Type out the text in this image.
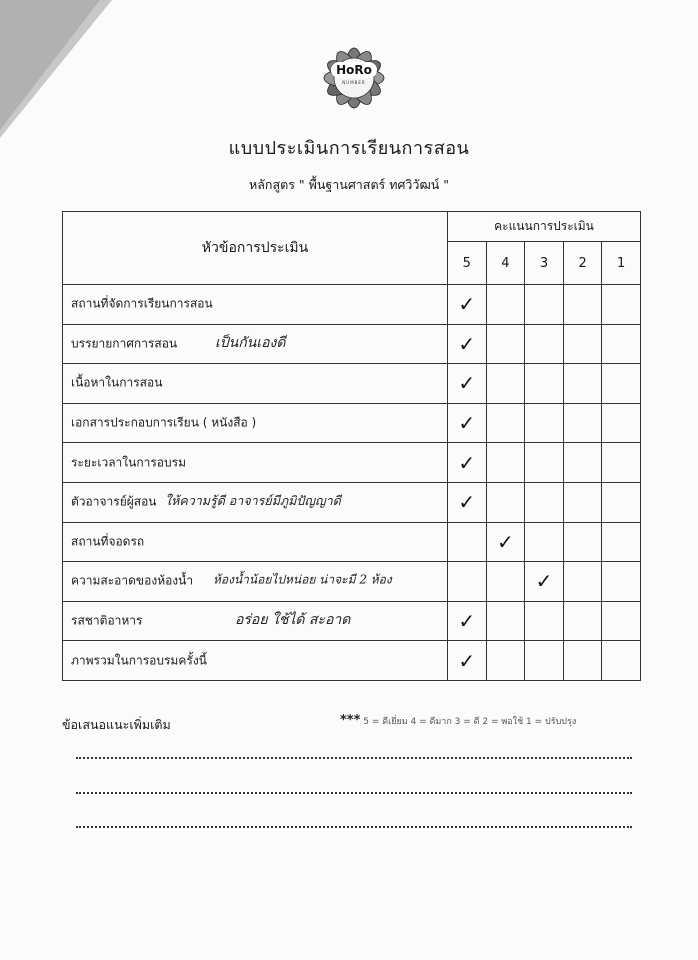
HoRo
NUMBER
แบบประเมินการเรียนการสอน
หลักสูตร " พื้นฐานศาสตร์ ทศวิวัฒน์ "
หัวข้อการประเมิน	คะแนนการประเมิน				
	5	4	3	2	1

สถานที่จัดการเรียนการสอน	✓				

บรรยายกาศการสอน เป็นกันเองดี	✓				

เนื้อหาในการสอน	✓				

เอกสารประกอบการเรียน ( หนังสือ )	✓				

ระยะเวลาในการอบรม	✓				

ตัวอาจารย์ผู้สอน ให้ความรู้ดี อาจารย์มีภูมิปัญญาดี	✓				

สถานที่จอดรถ		✓			

ความสะอาดของห้องน้ำ ห้องน้ำน้อยไปหน่อย น่าจะมี 2 ห้อง			✓		

รสชาติอาหาร อร่อย ใช้ได้ สะอาด	✓				

ภาพรวมในการอบรมครั้งนี้	✓				
ข้อเสนอแนะเพิ่มเติม	*** 5 = ดีเยี่ยม 4 = ดีมาก 3 = ดี 2 = พอใช้ 1 = ปรับปรุง
